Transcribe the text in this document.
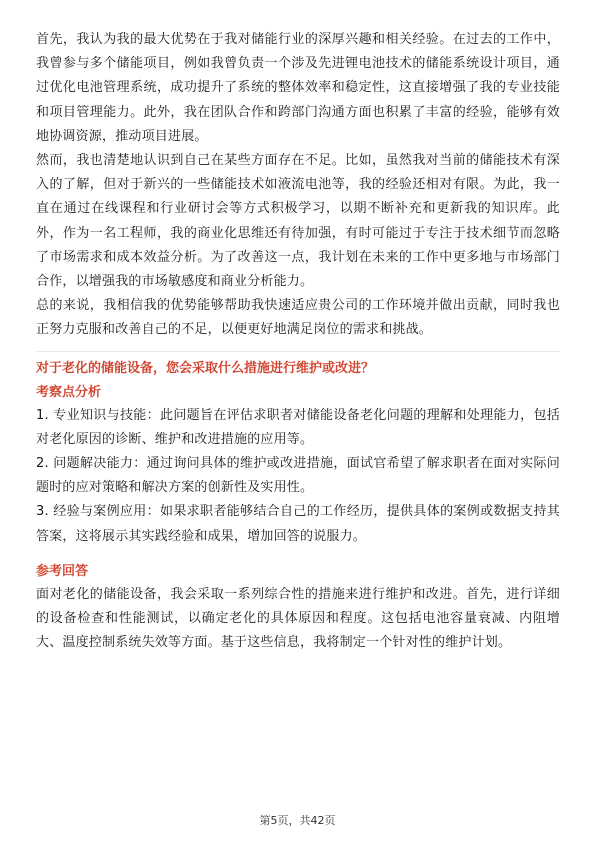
首先，我认为我的最大优势在于我对储能行业的深厚兴趣和相关经验。在过去的工作中，我曾参与多个储能项目，例如我曾负责一个涉及先进锂电池技术的储能系统设计项目，通过优化电池管理系统，成功提升了系统的整体效率和稳定性，这直接增强了我的专业技能和项目管理能力。此外，我在团队合作和跨部门沟通方面也积累了丰富的经验，能够有效地协调资源，推动项目进展。

然而，我也清楚地认识到自己在某些方面存在不足。比如，虽然我对当前的储能技术有深入的了解，但对于新兴的一些储能技术如液流电池等，我的经验还相对有限。为此，我一直在通过在线课程和行业研讨会等方式积极学习，以期不断补充和更新我的知识库。此外，作为一名工程师，我的商业化思维还有待加强，有时可能过于专注于技术细节而忽略了市场需求和成本效益分析。为了改善这一点，我计划在未来的工作中更多地与市场部门合作，以增强我的市场敏感度和商业分析能力。

总的来说，我相信我的优势能够帮助我快速适应贵公司的工作环境并做出贡献，同时我也正努力克服和改善自己的不足，以便更好地满足岗位的需求和挑战。

对于老化的储能设备，您会采取什么措施进行维护或改进？

考察点分析

1. 专业知识与技能：此问题旨在评估求职者对储能设备老化问题的理解和处理能力，包括对老化原因的诊断、维护和改进措施的应用等。

2. 问题解决能力：通过询问具体的维护或改进措施，面试官希望了解求职者在面对实际问题时的应对策略和解决方案的创新性及实用性。

3. 经验与案例应用：如果求职者能够结合自己的工作经历，提供具体的案例或数据支持其答案，这将展示其实践经验和成果，增加回答的说服力。

参考回答

面对老化的储能设备，我会采取一系列综合性的措施来进行维护和改进。首先，进行详细的设备检查和性能测试，以确定老化的具体原因和程度。这包括电池容量衰减、内阻增大、温度控制系统失效等方面。基于这些信息，我将制定一个针对性的维护计划。

第5页，共42页
